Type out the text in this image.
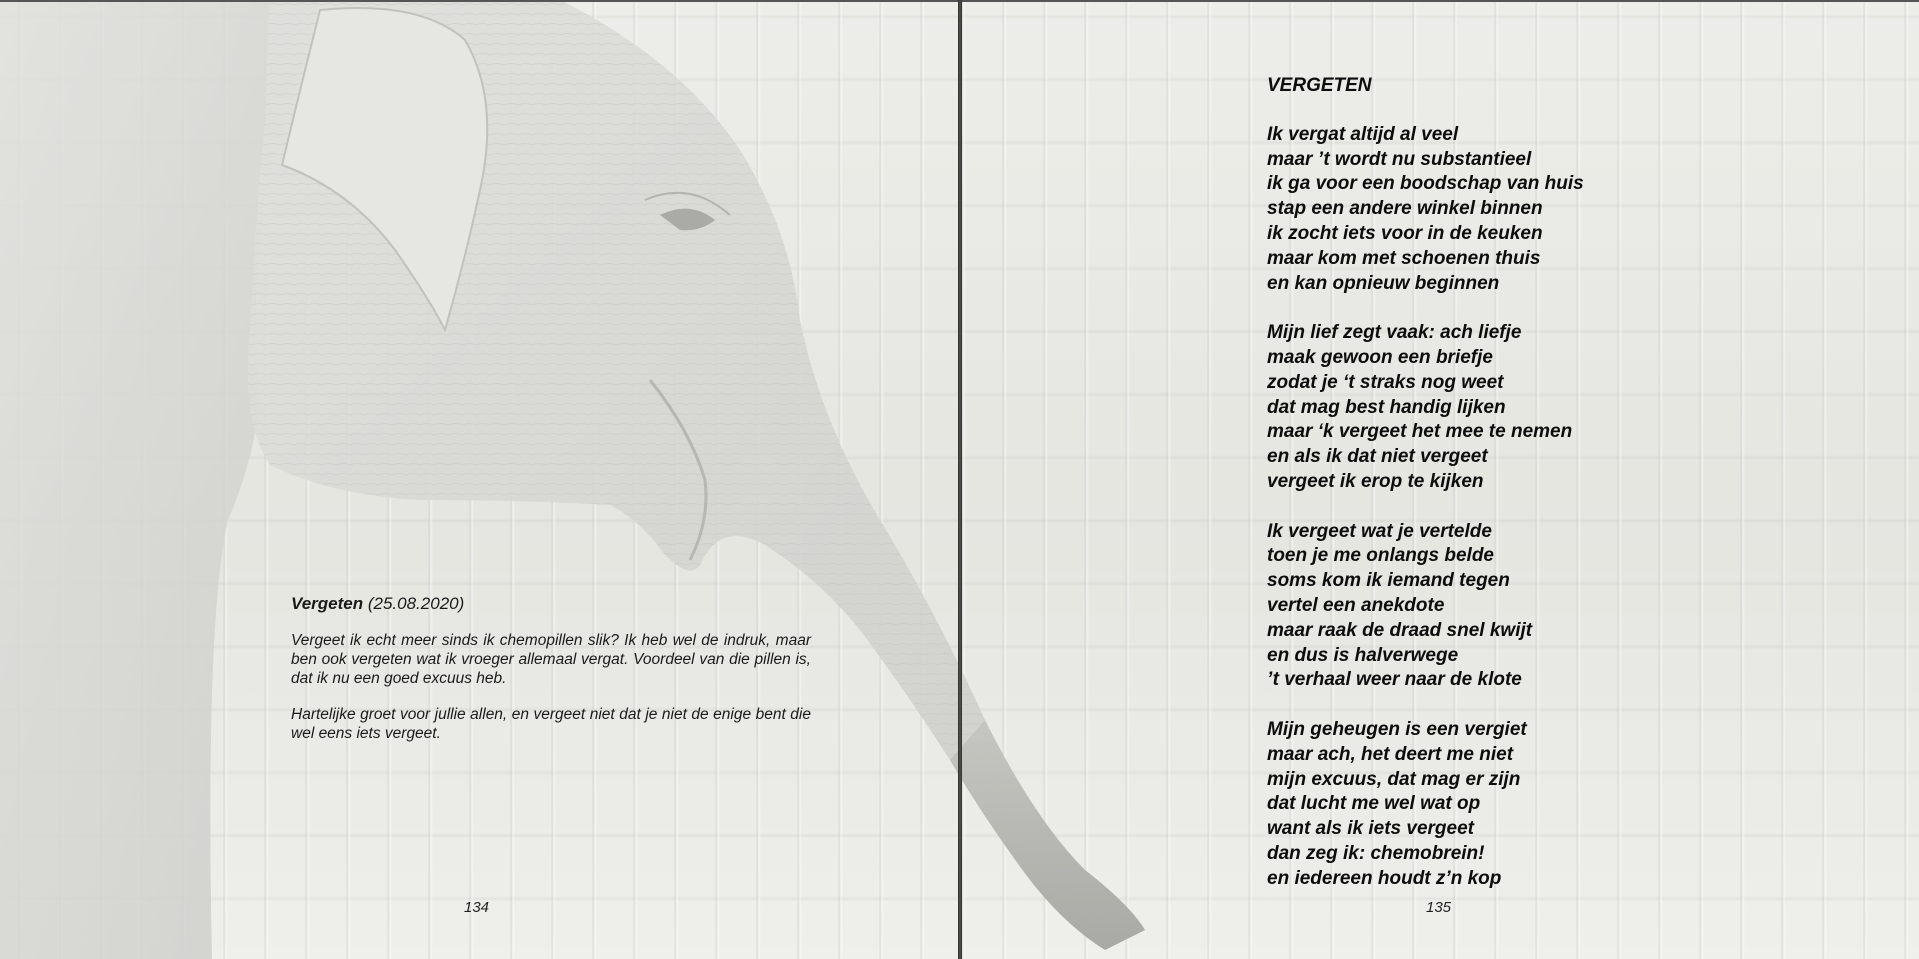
Vergeten (25.08.2020)

Vergeet ik echt meer sinds ik chemopillen slik? Ik heb wel de indruk, maar ben ook vergeten wat ik vroeger allemaal vergat. Voordeel van die pillen is, dat ik nu een goed excuus heb.

Hartelijke groet voor jullie allen, en vergeet niet dat je niet de enige bent die wel eens iets vergeet.

134
VERGETEN
Ik vergat altijd al veel
maar ’t wordt nu substantieel
ik ga voor een boodschap van huis
stap een andere winkel binnen
ik zocht iets voor in de keuken
maar kom met schoenen thuis
en kan opnieuw beginnen
Mijn lief zegt vaak: ach liefje
maak gewoon een briefje
zodat je ‘t straks nog weet
dat mag best handig lijken
maar ‘k vergeet het mee te nemen
en als ik dat niet vergeet
vergeet ik erop te kijken
Ik vergeet wat je vertelde
toen je me onlangs belde
soms kom ik iemand tegen
vertel een anekdote
maar raak de draad snel kwijt
en dus is halverwege
’t verhaal weer naar de klote
Mijn geheugen is een vergiet
maar ach, het deert me niet
mijn excuus, dat mag er zijn
dat lucht me wel wat op
want als ik iets vergeet
dan zeg ik: chemobrein!
en iedereen houdt z’n kop
135
